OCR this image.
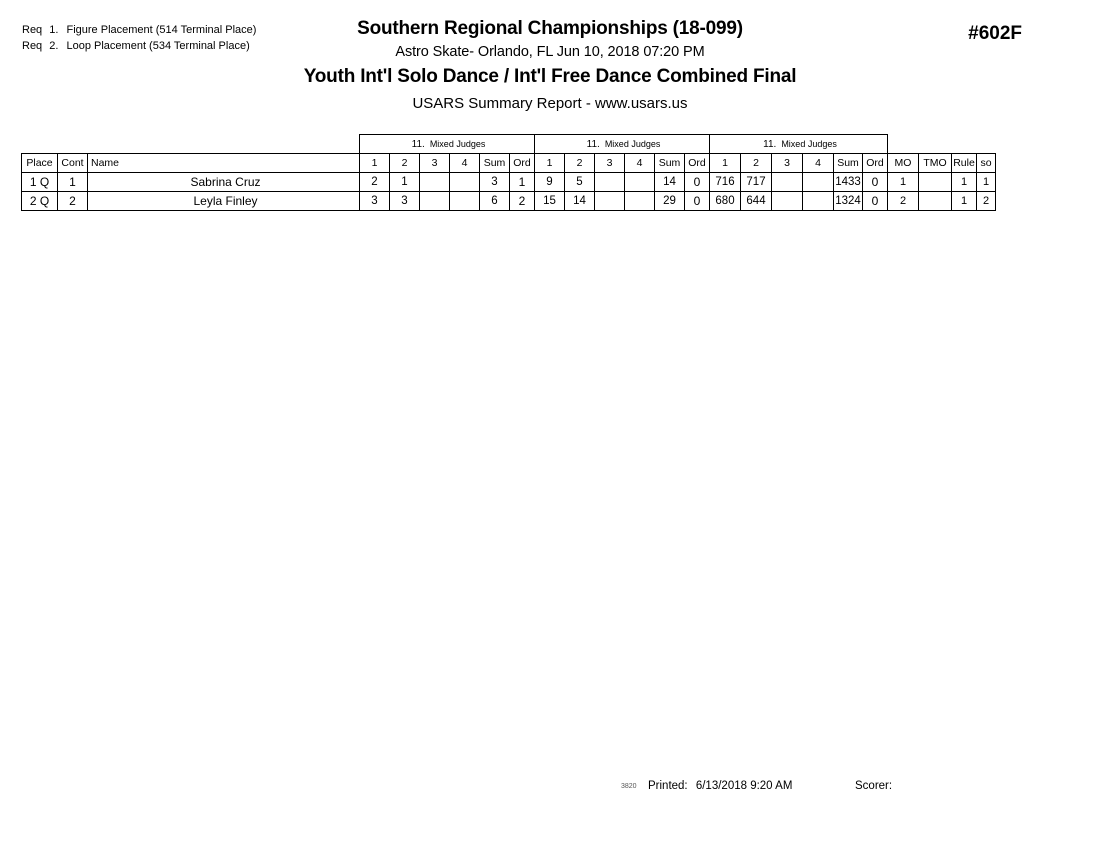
Req 1. Figure Placement (514 Terminal Place)
Req 2. Loop Placement (534 Terminal Place)
Southern Regional Championships (18-099)
Astro Skate- Orlando, FL Jun 10, 2018 07:20 PM
Youth Int'l Solo Dance / Int'l Free Dance Combined Final
USARS Summary Report - www.usars.us
#602F
			11. Mixed Judges						11. Mixed Judges						11. Mixed Judges									
Place	Cont	Name	1	2	3	4	Sum	Ord	1	2	3	4	Sum	Ord	1	2	3	4	Sum	Ord	MO	TMO	Rule	so
1 Q	1	Sabrina Cruz	2	1			3	1	9	5			14	0	716	717			1433	0	1		1	1
2 Q	2	Leyla Finley	3	3			6	2	15	14			29	0	680	644			1324	0	2		1	2
3820 Printed: 6/13/2018 9:20 AM	Scorer:
